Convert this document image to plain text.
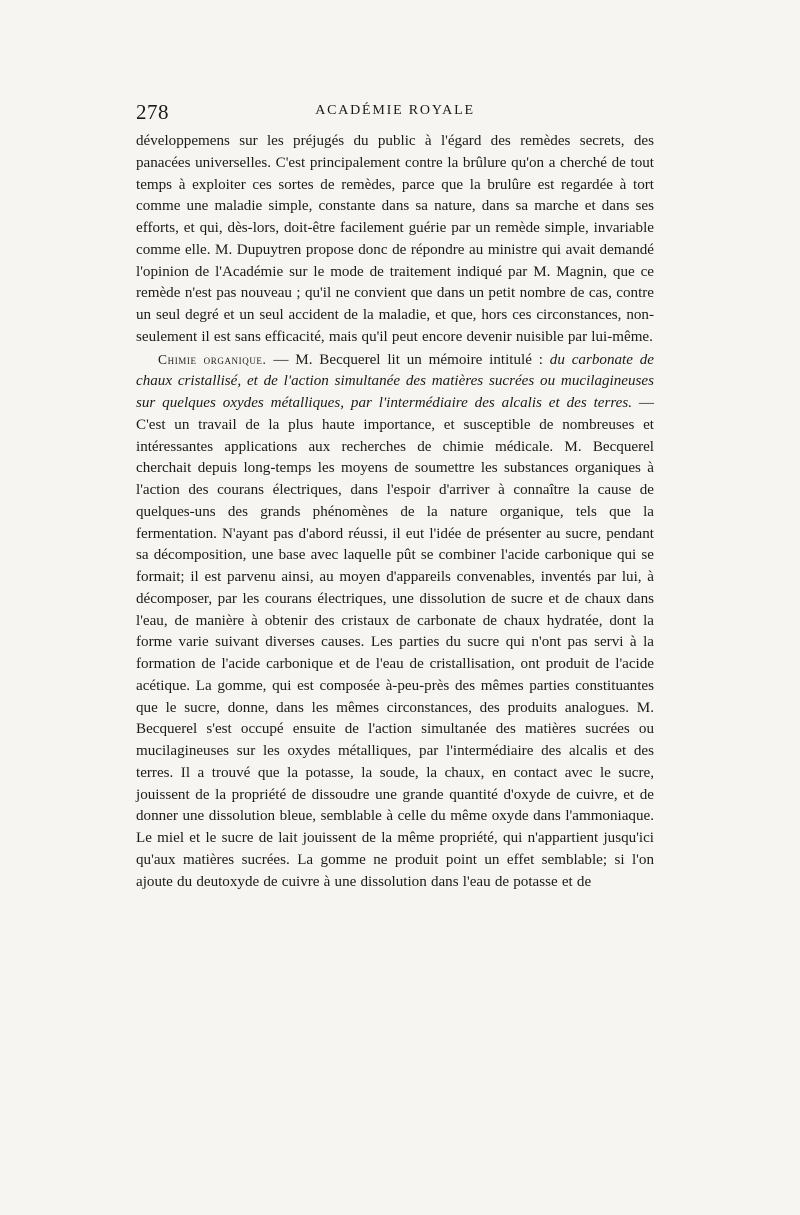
278	ACADÉMIE ROYALE

développemens sur les préjugés du public à l'égard des remèdes secrets, des panacées universelles. C'est principalement contre la brûlure qu'on a cherché de tout temps à exploiter ces sortes de remèdes, parce que la brulûre est regardée à tort comme une maladie simple, constante dans sa nature, dans sa marche et dans ses efforts, et qui, dès-lors, doit-être facilement guérie par un remède simple, invariable comme elle. M. Dupuytren propose donc de répondre au ministre qui avait demandé l'opinion de l'Académie sur le mode de traitement indiqué par M. Magnin, que ce remède n'est pas nouveau ; qu'il ne convient que dans un petit nombre de cas, contre un seul degré et un seul accident de la maladie, et que, hors ces circonstances, non-seulement il est sans efficacité, mais qu'il peut encore devenir nuisible par lui-même.

Chimie organique. — M. Becquerel lit un mémoire intitulé : du carbonate de chaux cristallisé, et de l'action simultanée des matières sucrées ou mucilagineuses sur quelques oxydes métalliques, par l'intermédiaire des alcalis et des terres. — C'est un travail de la plus haute importance, et susceptible de nombreuses et intéressantes applications aux recherches de chimie médicale. M. Becquerel cherchait depuis long-temps les moyens de soumettre les substances organiques à l'action des courans électriques, dans l'espoir d'arriver à connaître la cause de quelques-uns des grands phénomènes de la nature organique, tels que la fermentation. N'ayant pas d'abord réussi, il eut l'idée de présenter au sucre, pendant sa décomposition, une base avec laquelle pût se combiner l'acide carbonique qui se formait; il est parvenu ainsi, au moyen d'appareils convenables, inventés par lui, à décomposer, par les courans électriques, une dissolution de sucre et de chaux dans l'eau, de manière à obtenir des cristaux de carbonate de chaux hydratée, dont la forme varie suivant diverses causes. Les parties du sucre qui n'ont pas servi à la formation de l'acide carbonique et de l'eau de cristallisation, ont produit de l'acide acétique. La gomme, qui est composée à-peu-près des mêmes parties constituantes que le sucre, donne, dans les mêmes circonstances, des produits analogues. M. Becquerel s'est occupé ensuite de l'action simultanée des matières sucrées ou mucilagineuses sur les oxydes métalliques, par l'intermédiaire des alcalis et des terres. Il a trouvé que la potasse, la soude, la chaux, en contact avec le sucre, jouissent de la propriété de dissoudre une grande quantité d'oxyde de cuivre, et de donner une dissolution bleue, semblable à celle du même oxyde dans l'ammoniaque. Le miel et le sucre de lait jouissent de la même propriété, qui n'appartient jusqu'ici qu'aux matières sucrées. La gomme ne produit point un effet semblable; si l'on ajoute du deutoxyde de cuivre à une dissolution dans l'eau de potasse et de
